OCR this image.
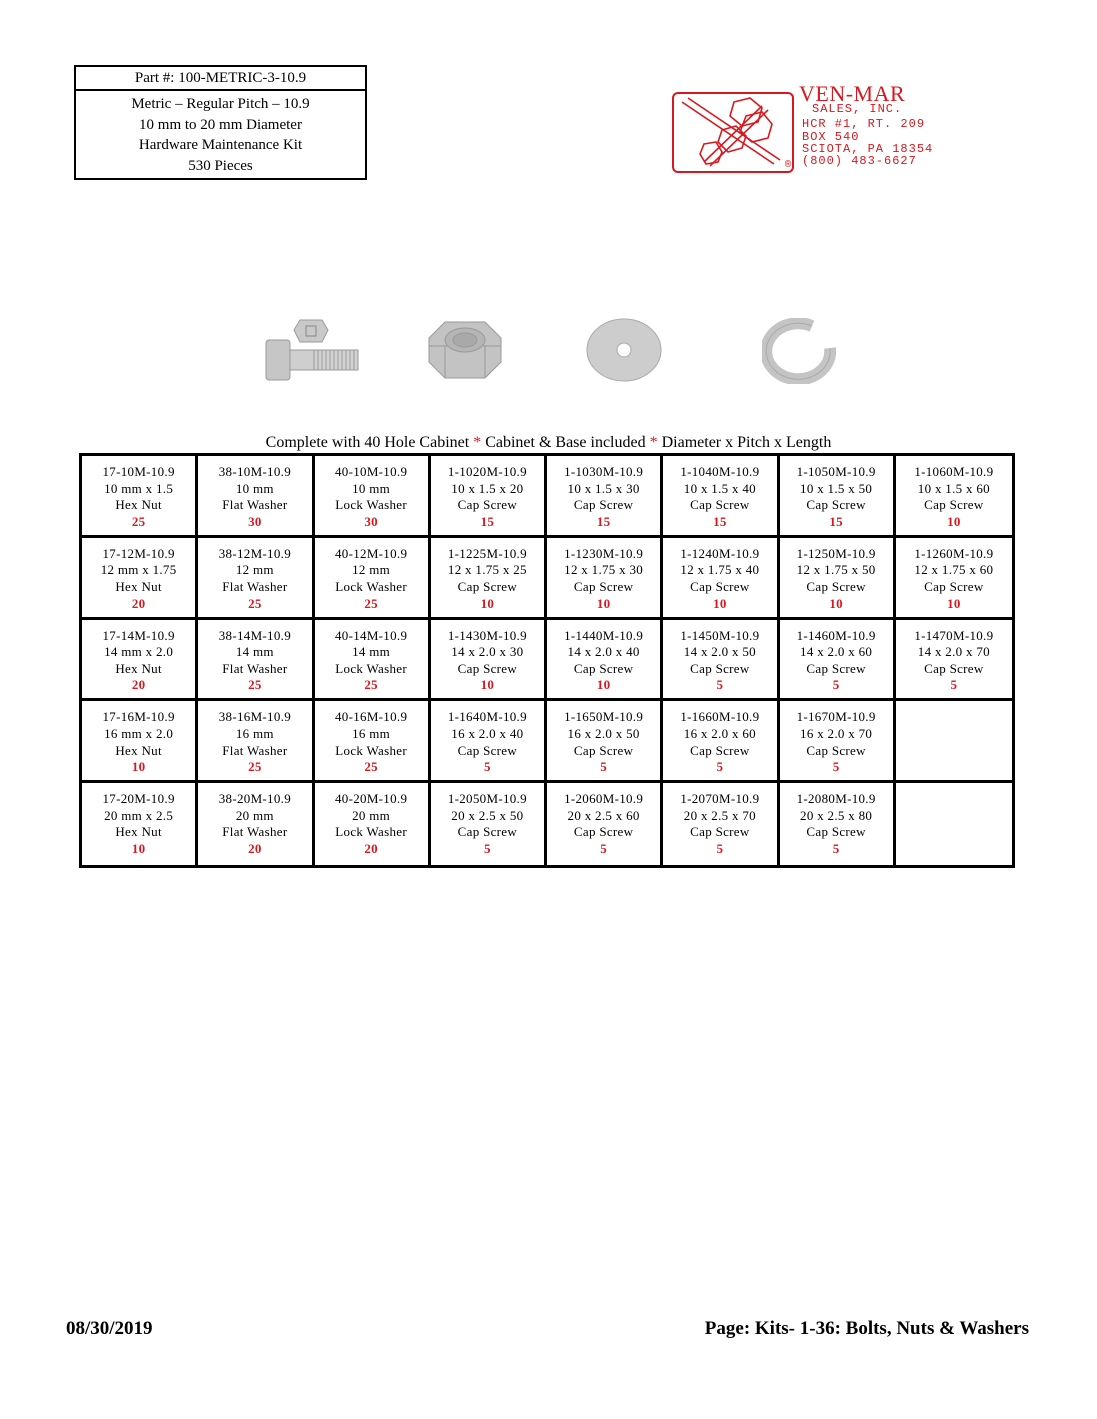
Part #: 100-METRIC-3-10.9
Metric – Regular Pitch – 10.9
10 mm to 20 mm Diameter
Hardware Maintenance Kit
530 Pieces
VEN-MAR
SALES, INC.
HCR #1, RT. 209
BOX 540
SCIOTA, PA 18354
(800) 483-6627
®
Complete with 40 Hole Cabinet * Cabinet & Base included * Diameter x Pitch x Length
17-10M-10.9
10 mm x 1.5
Hex Nut
25
38-10M-10.9
10 mm
Flat Washer
30
40-10M-10.9
10 mm
Lock Washer
30
1-1020M-10.9
10 x 1.5 x 20
Cap Screw
15
1-1030M-10.9
10 x 1.5 x 30
Cap Screw
15
1-1040M-10.9
10 x 1.5 x 40
Cap Screw
15
1-1050M-10.9
10 x 1.5 x 50
Cap Screw
15
1-1060M-10.9
10 x 1.5 x 60
Cap Screw
10
17-12M-10.9
12 mm x 1.75
Hex Nut
20
38-12M-10.9
12 mm
Flat Washer
25
40-12M-10.9
12 mm
Lock Washer
25
1-1225M-10.9
12 x 1.75 x 25
Cap Screw
10
1-1230M-10.9
12 x 1.75 x 30
Cap Screw
10
1-1240M-10.9
12 x 1.75 x 40
Cap Screw
10
1-1250M-10.9
12 x 1.75 x 50
Cap Screw
10
1-1260M-10.9
12 x 1.75 x 60
Cap Screw
10
17-14M-10.9
14 mm x 2.0
Hex Nut
20
38-14M-10.9
14 mm
Flat Washer
25
40-14M-10.9
14 mm
Lock Washer
25
1-1430M-10.9
14 x 2.0 x 30
Cap Screw
10
1-1440M-10.9
14 x 2.0 x 40
Cap Screw
10
1-1450M-10.9
14 x 2.0 x 50
Cap Screw
5
1-1460M-10.9
14 x 2.0 x 60
Cap Screw
5
1-1470M-10.9
14 x 2.0 x 70
Cap Screw
5
17-16M-10.9
16 mm x 2.0
Hex Nut
10
38-16M-10.9
16 mm
Flat Washer
25
40-16M-10.9
16 mm
Lock Washer
25
1-1640M-10.9
16 x 2.0 x 40
Cap Screw
5
1-1650M-10.9
16 x 2.0 x 50
Cap Screw
5
1-1660M-10.9
16 x 2.0 x 60
Cap Screw
5
1-1670M-10.9
16 x 2.0 x 70
Cap Screw
5
17-20M-10.9
20 mm x 2.5
Hex Nut
10
38-20M-10.9
20 mm
Flat Washer
20
40-20M-10.9
20 mm
Lock Washer
20
1-2050M-10.9
20 x 2.5 x 50
Cap Screw
5
1-2060M-10.9
20 x 2.5 x 60
Cap Screw
5
1-2070M-10.9
20 x 2.5 x 70
Cap Screw
5
1-2080M-10.9
20 x 2.5 x 80
Cap Screw
5
08/30/2019	Page: Kits- 1-36: Bolts, Nuts & Washers
